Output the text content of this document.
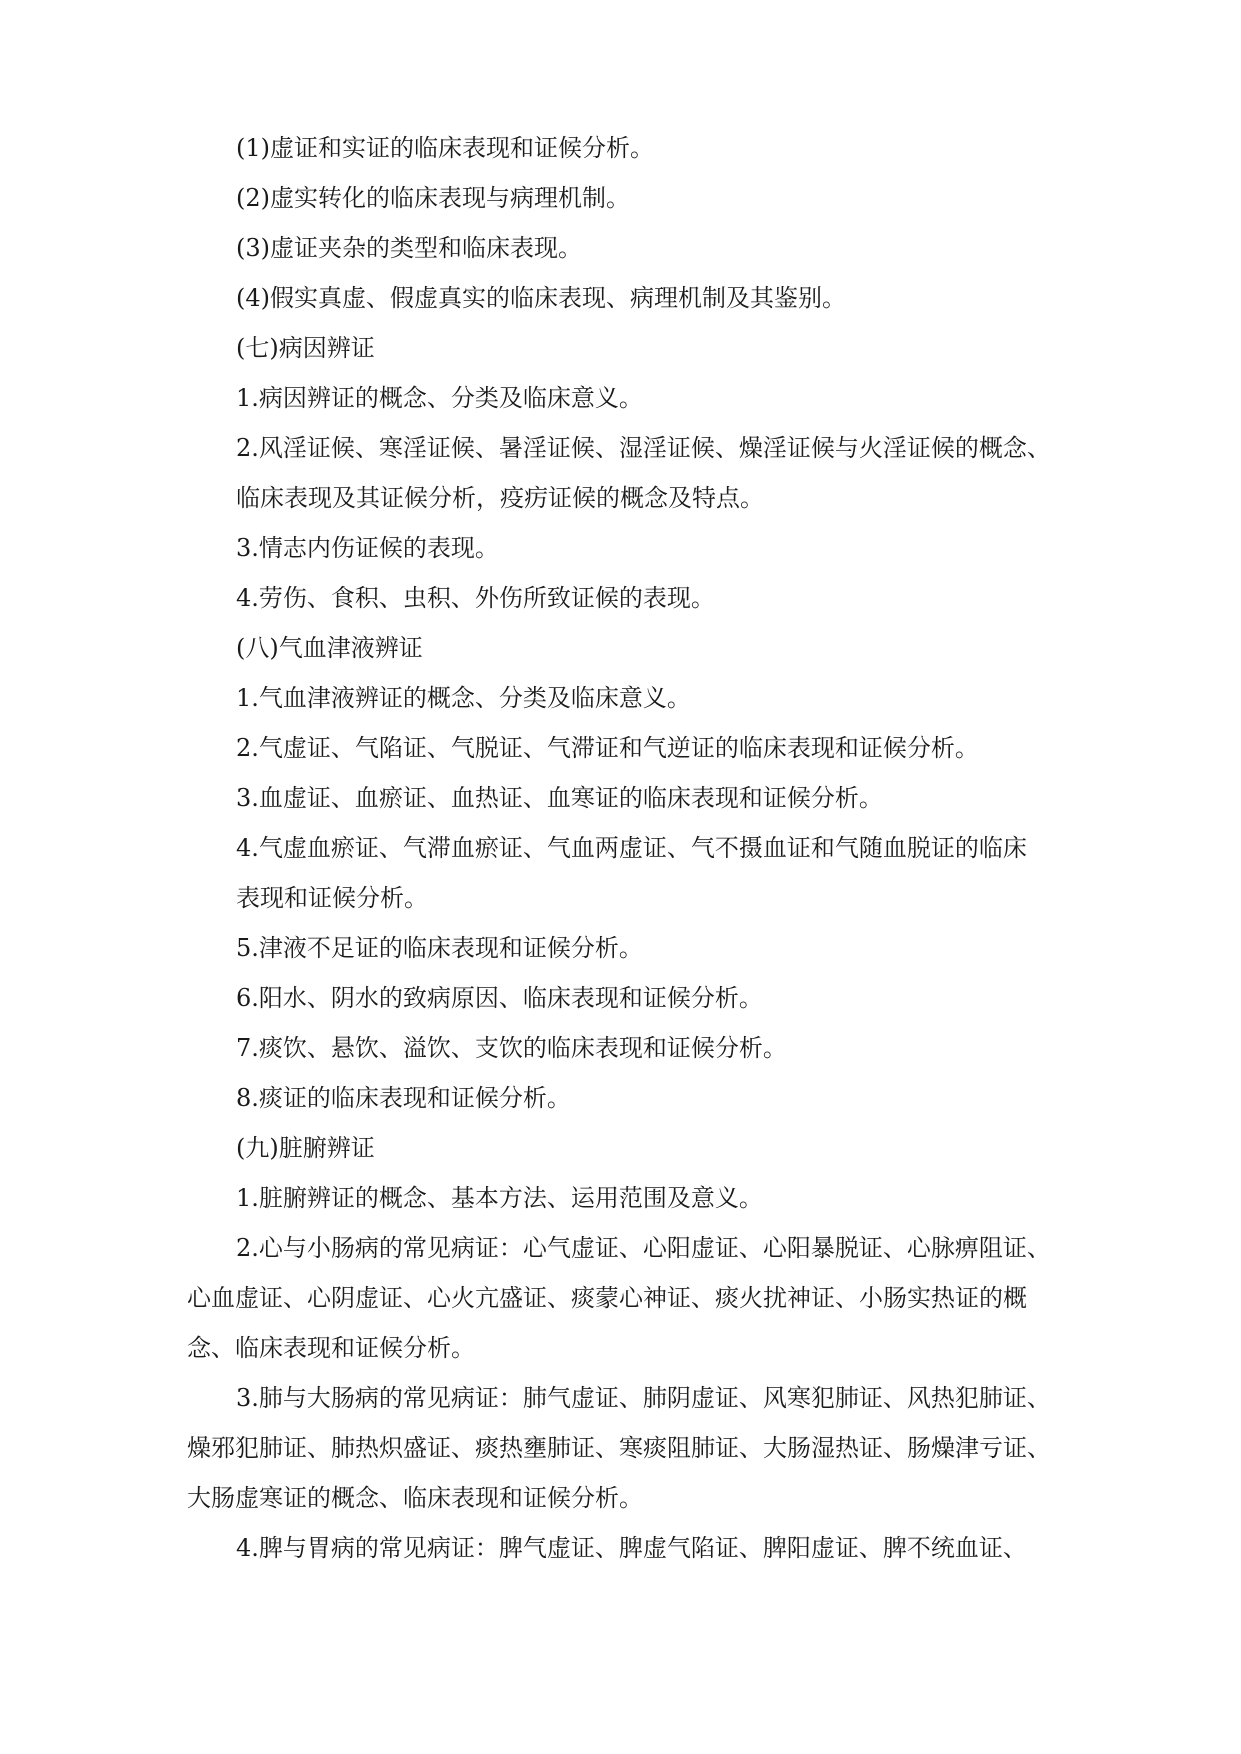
(1)虚证和实证的临床表现和证候分析。

(2)虚实转化的临床表现与病理机制。

(3)虚证夹杂的类型和临床表现。

(4)假实真虚、假虚真实的临床表现、病理机制及其鉴别。

(七)病因辨证

1.病因辨证的概念、分类及临床意义。

2.风淫证候、寒淫证候、暑淫证候、湿淫证候、燥淫证候与火淫证候的概念、

临床表现及其证候分析，疫疠证候的概念及特点。

3.情志内伤证候的表现。

4.劳伤、食积、虫积、外伤所致证候的表现。

(八)气血津液辨证

1.气血津液辨证的概念、分类及临床意义。

2.气虚证、气陷证、气脱证、气滞证和气逆证的临床表现和证候分析。

3.血虚证、血瘀证、血热证、血寒证的临床表现和证候分析。

4.气虚血瘀证、气滞血瘀证、气血两虚证、气不摄血证和气随血脱证的临床

表现和证候分析。

5.津液不足证的临床表现和证候分析。

6.阳水、阴水的致病原因、临床表现和证候分析。

7.痰饮、悬饮、溢饮、支饮的临床表现和证候分析。

8.痰证的临床表现和证候分析。

(九)脏腑辨证

1.脏腑辨证的概念、基本方法、运用范围及意义。

2.心与小肠病的常见病证：心气虚证、心阳虚证、心阳暴脱证、心脉痹阻证、

心血虚证、心阴虚证、心火亢盛证、痰蒙心神证、痰火扰神证、小肠实热证的概

念、临床表现和证候分析。

3.肺与大肠病的常见病证：肺气虚证、肺阴虚证、风寒犯肺证、风热犯肺证、

燥邪犯肺证、肺热炽盛证、痰热壅肺证、寒痰阻肺证、大肠湿热证、肠燥津亏证、

大肠虚寒证的概念、临床表现和证候分析。

4.脾与胃病的常见病证：脾气虚证、脾虚气陷证、脾阳虚证、脾不统血证、
